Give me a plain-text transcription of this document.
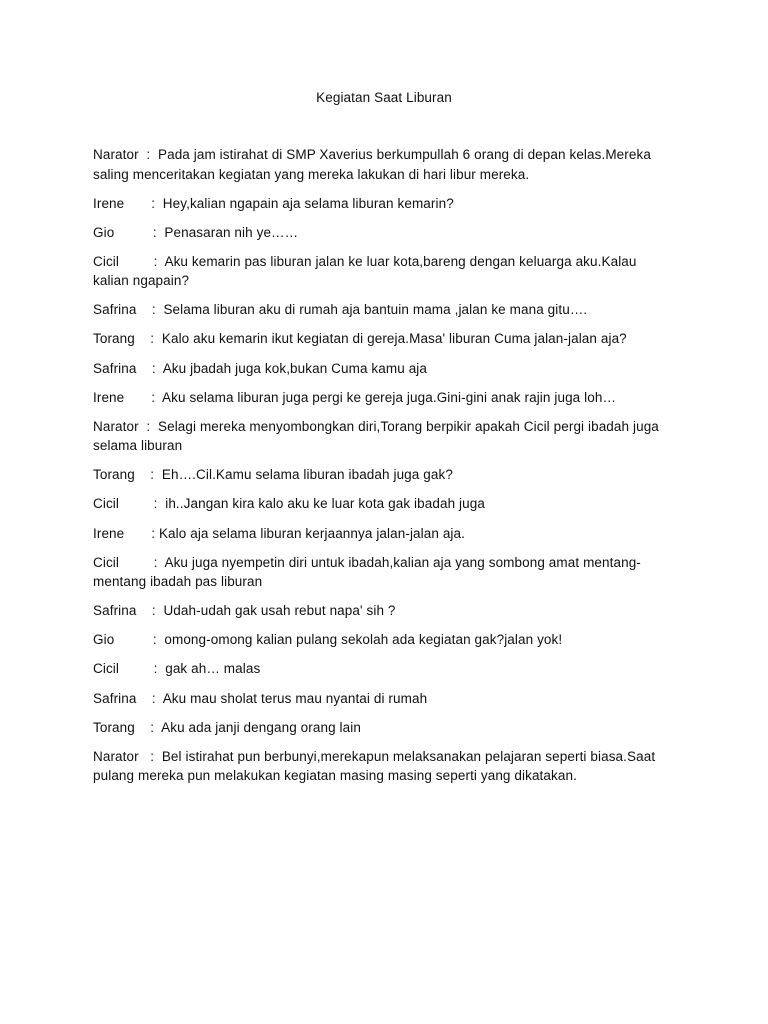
Kegiatan Saat Liburan
Narator  :  Pada jam istirahat di SMP Xaverius berkumpullah 6 orang di depan kelas.Mereka saling menceritakan kegiatan yang mereka lakukan di hari libur mereka.
Irene       :  Hey,kalian ngapain aja selama liburan kemarin?
Gio          :  Penasaran nih ye……
Cicil         :  Aku kemarin pas liburan jalan ke luar kota,bareng dengan keluarga aku.Kalau kalian ngapain?
Safrina    :  Selama liburan aku di rumah aja bantuin mama ,jalan ke mana gitu….
Torang    :  Kalo aku kemarin ikut kegiatan di gereja.Masa' liburan Cuma jalan-jalan aja?
Safrina    :  Aku jbadah juga kok,bukan Cuma kamu aja
Irene       :  Aku selama liburan juga pergi ke gereja juga.Gini-gini anak rajin juga loh…
Narator  :  Selagi mereka menyombongkan diri,Torang berpikir apakah Cicil pergi ibadah juga selama liburan
Torang    :  Eh….Cil.Kamu selama liburan ibadah juga gak?
Cicil         :  ih..Jangan kira kalo aku ke luar kota gak ibadah juga
Irene       : Kalo aja selama liburan kerjaannya jalan-jalan aja.
Cicil         :  Aku juga nyempetin diri untuk ibadah,kalian aja yang sombong amat mentang-mentang ibadah pas liburan
Safrina    :  Udah-udah gak usah rebut napa' sih ?
Gio          :  omong-omong kalian pulang sekolah ada kegiatan gak?jalan yok!
Cicil         :  gak ah… malas
Safrina    :  Aku mau sholat terus mau nyantai di rumah
Torang    :  Aku ada janji dengang orang lain
Narator   :  Bel istirahat pun berbunyi,merekapun melaksanakan pelajaran seperti biasa.Saat pulang mereka pun melakukan kegiatan masing masing seperti yang dikatakan.
